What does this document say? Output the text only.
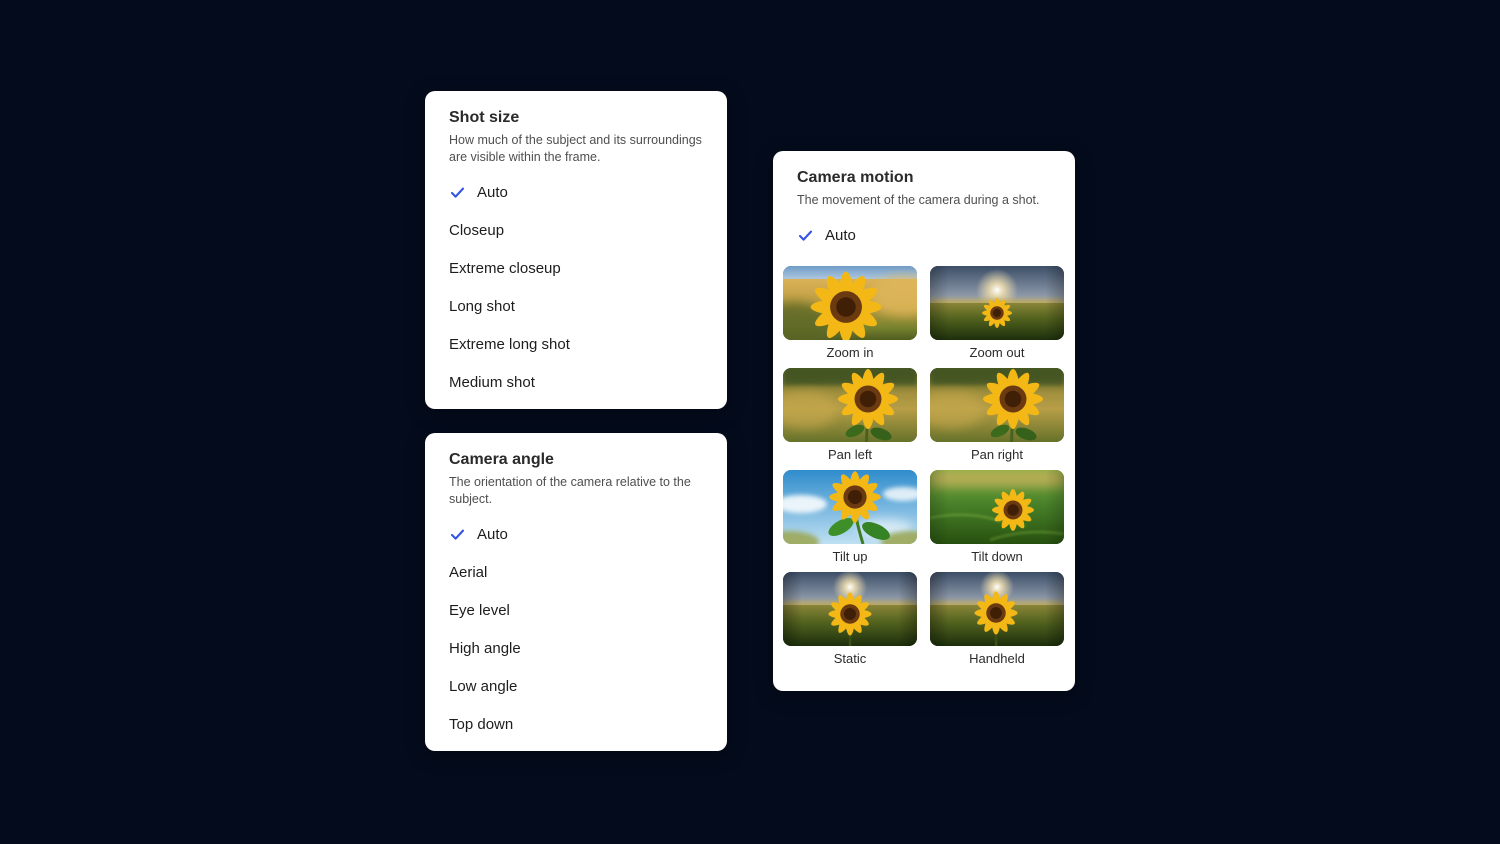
Shot size
How much of the subject and its surroundings are visible within the frame.
Auto
Closeup
Extreme closeup
Long shot
Extreme long shot
Medium shot
Camera angle
The orientation of the camera relative to the subject.
Auto
Aerial
Eye level
High angle
Low angle
Top down
Camera motion
The movement of the camera during a shot.
Auto
Zoom in	Zoom out
Pan left	Pan right
Tilt up	Tilt down
Static	Handheld
